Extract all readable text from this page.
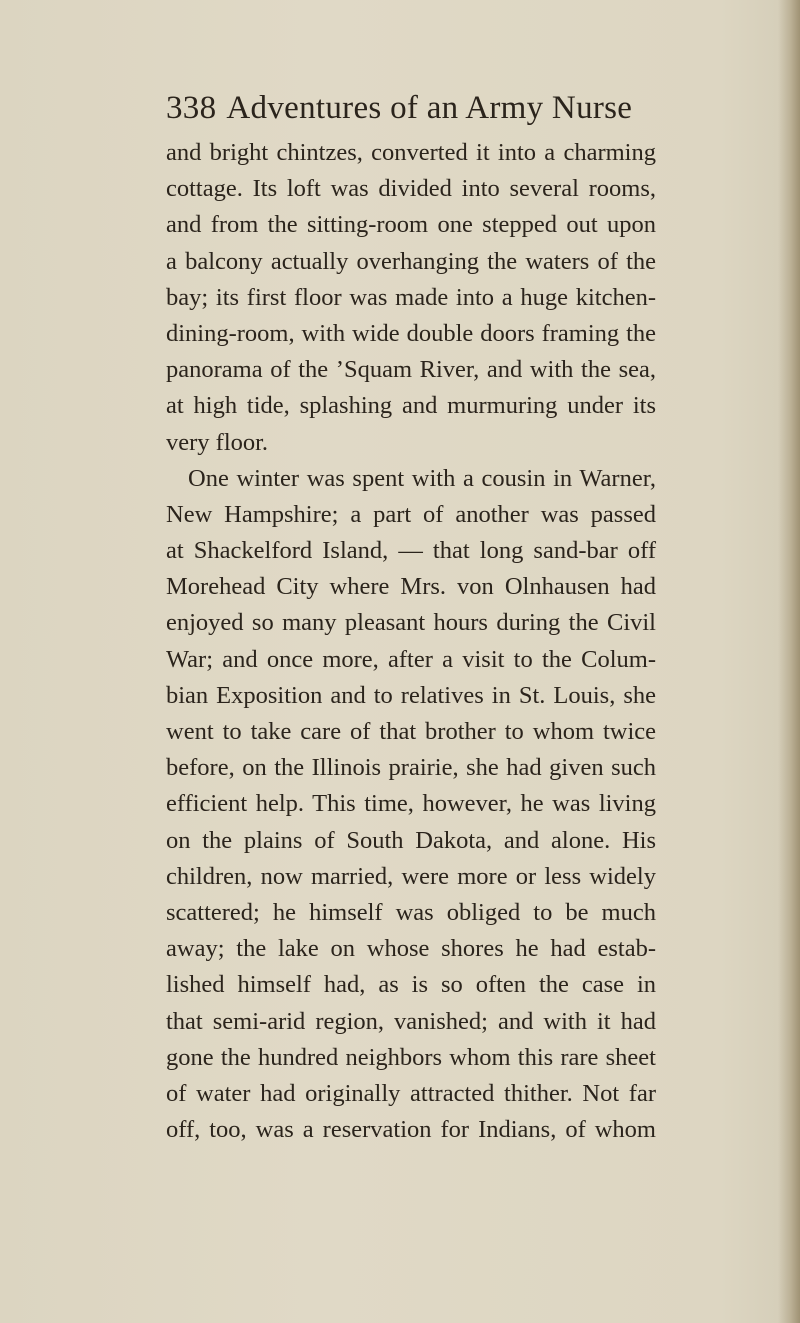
338 Adventures of an Army Nurse
and bright chintzes, converted it into a charming
cottage. Its loft was divided into several rooms,
and from the sitting-room one stepped out upon
a balcony actually overhanging the waters of the
bay; its first floor was made into a huge kitchen-
dining-room, with wide double doors framing the
panorama of the ’Squam River, and with the sea,
at high tide, splashing and murmuring under its
very floor.
One winter was spent with a cousin in Warner,
New Hampshire; a part of another was passed
at Shackelford Island, — that long sand-bar off
Morehead City where Mrs. von Olnhausen had
enjoyed so many pleasant hours during the Civil
War; and once more, after a visit to the Colum-
bian Exposition and to relatives in St. Louis, she
went to take care of that brother to whom twice
before, on the Illinois prairie, she had given such
efficient help. This time, however, he was living
on the plains of South Dakota, and alone. His
children, now married, were more or less widely
scattered; he himself was obliged to be much
away; the lake on whose shores he had estab-
lished himself had, as is so often the case in
that semi-arid region, vanished; and with it had
gone the hundred neighbors whom this rare sheet
of water had originally attracted thither. Not far
off, too, was a reservation for Indians, of whom
